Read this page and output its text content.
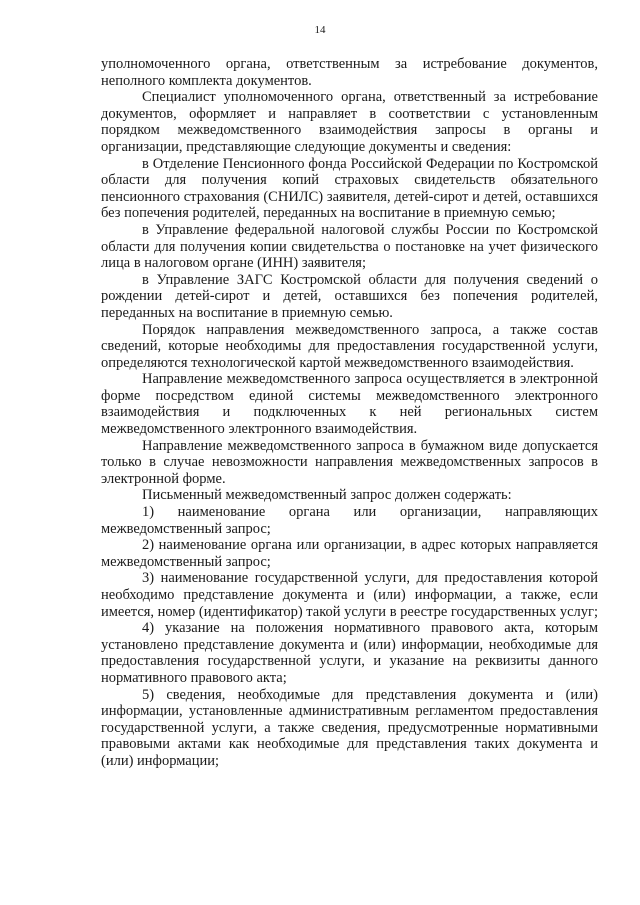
14

уполномоченного органа, ответственным за истребование документов, неполного комплекта документов.

Специалист уполномоченного органа, ответственный за истребование документов, оформляет и направляет в соответствии с установленным порядком межведомственного взаимодействия запросы в органы и организации, представляющие следующие документы и сведения:

в Отделение Пенсионного фонда Российской Федерации по Костромской области для получения копий страховых свидетельств обязательного пенсионного страхования (СНИЛС) заявителя, детей-сирот и детей, оставшихся без попечения родителей, переданных на воспитание в приемную семью;

в Управление федеральной налоговой службы России по Костромской области для получения копии свидетельства о постановке на учет физического лица в налоговом органе (ИНН) заявителя;

в Управление ЗАГС Костромской области для получения сведений о рождении детей-сирот и детей, оставшихся без попечения родителей, переданных на воспитание в приемную семью.

Порядок направления межведомственного запроса, а также состав сведений, которые необходимы для предоставления государственной услуги, определяются технологической картой межведомственного взаимодействия.

Направление межведомственного запроса осуществляется в электронной форме посредством единой системы межведомственного электронного взаимодействия и подключенных к ней региональных систем межведомственного электронного взаимодействия.

Направление межведомственного запроса в бумажном виде допускается только в случае невозможности направления межведомственных запросов в электронной форме.

Письменный межведомственный запрос должен содержать:

1) наименование органа или организации, направляющих межведомственный запрос;

2) наименование органа или организации, в адрес которых направляется межведомственный запрос;

3) наименование государственной услуги, для предоставления которой необходимо представление документа и (или) информации, а также, если имеется, номер (идентификатор) такой услуги в реестре государственных услуг;

4) указание на положения нормативного правового акта, которым установлено представление документа и (или) информации, необходимые для предоставления государственной услуги, и указание на реквизиты данного нормативного правового акта;

5) сведения, необходимые для представления документа и (или) информации, установленные административным регламентом предоставления государственной услуги, а также сведения, предусмотренные нормативными правовыми актами как необходимые для представления таких документа и (или) информации;
